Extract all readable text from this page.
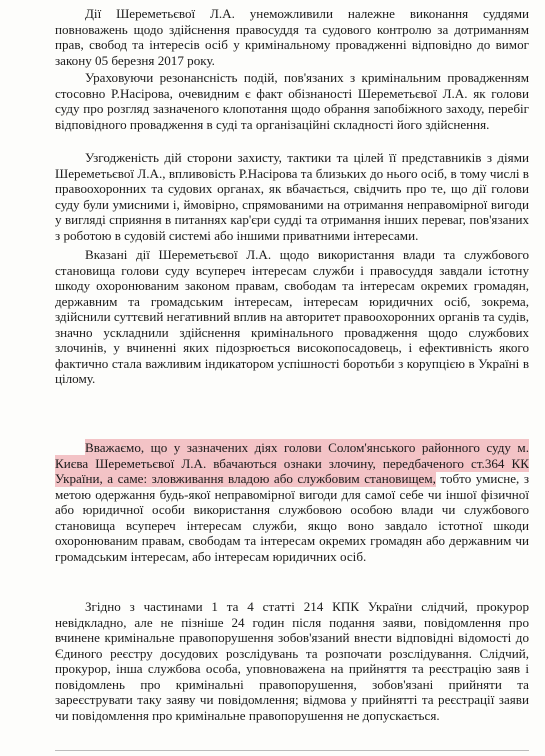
Дії Шереметьєвої Л.А. унеможливили належне виконання суддями повноважень щодо здійснення правосуддя та судового контролю за дотриманням прав, свобод та інтересів осіб у кримінальному провадженні відповідно до вимог закону 05 березня 2017 року.

Ураховуючи резонансність подій, пов'язаних з кримінальним провадженням стосовно Р.Насірова, очевидним є факт обізнаності Шереметьєвої Л.А. як голови суду про розгляд зазначеного клопотання щодо обрання запобіжного заходу, перебіг відповідного провадження в суді та організаційні складності його здійснення.

Узгодженість дій сторони захисту, тактики та цілей її представників з діями Шереметьєвої Л.А., впливовість Р.Насірова та близьких до нього осіб, в тому числі в правоохоронних та судових органах, як вбачається, свідчить про те, що дії голови суду були умисними і, ймовірно, спрямованими на отримання неправомірної вигоди у вигляді сприяння в питаннях кар'єри судді та отримання інших переваг, пов'язаних з роботою в судовій системі або іншими приватними інтересами.

Вказані дії Шереметьєвої Л.А. щодо використання влади та службового становища голови суду всупереч інтересам служби і правосуддя завдали істотну шкоду охоронюваним законом правам, свободам та інтересам окремих громадян, державним та громадським інтересам, інтересам юридичних осіб, зокрема, здійснили суттєвий негативний вплив на авторитет правоохоронних органів та судів, значно ускладнили здійснення кримінального провадження щодо службових злочинів, у вчиненні яких підозрюється високопосадовець, і ефективність якого фактично стала важливим індикатором успішності боротьби з корупцією в Україні в цілому.

Вважаємо, що у зазначених діях голови Солом'янського районного суду м. Києва Шереметьєвої Л.А. вбачаються ознаки злочину, передбаченого ст.364 КК України, а саме: зловживання владою або службовим становищем, тобто умисне, з метою одержання будь-якої неправомірної вигоди для самої себе чи іншої фізичної або юридичної особи використання службовою особою влади чи службового становища всупереч інтересам служби, якщо воно завдало істотної шкоди охоронюваним правам, свободам та інтересам окремих громадян або державним чи громадським інтересам, або інтересам юридичних осіб.

Згідно з частинами 1 та 4 статті 214 КПК України слідчий, прокурор невідкладно, але не пізніше 24 годин після подання заяви, повідомлення про вчинене кримінальне правопорушення зобов'язаний внести відповідні відомості до Єдиного реєстру досудових розслідувань та розпочати розслідування. Слідчий, прокурор, інша службова особа, уповноважена на прийняття та реєстрацію заяв і повідомлень про кримінальні правопорушення, зобов'язані прийняти та зареєструвати таку заяву чи повідомлення; відмова у прийнятті та реєстрації заяви чи повідомлення про кримінальне правопорушення не допускається.
